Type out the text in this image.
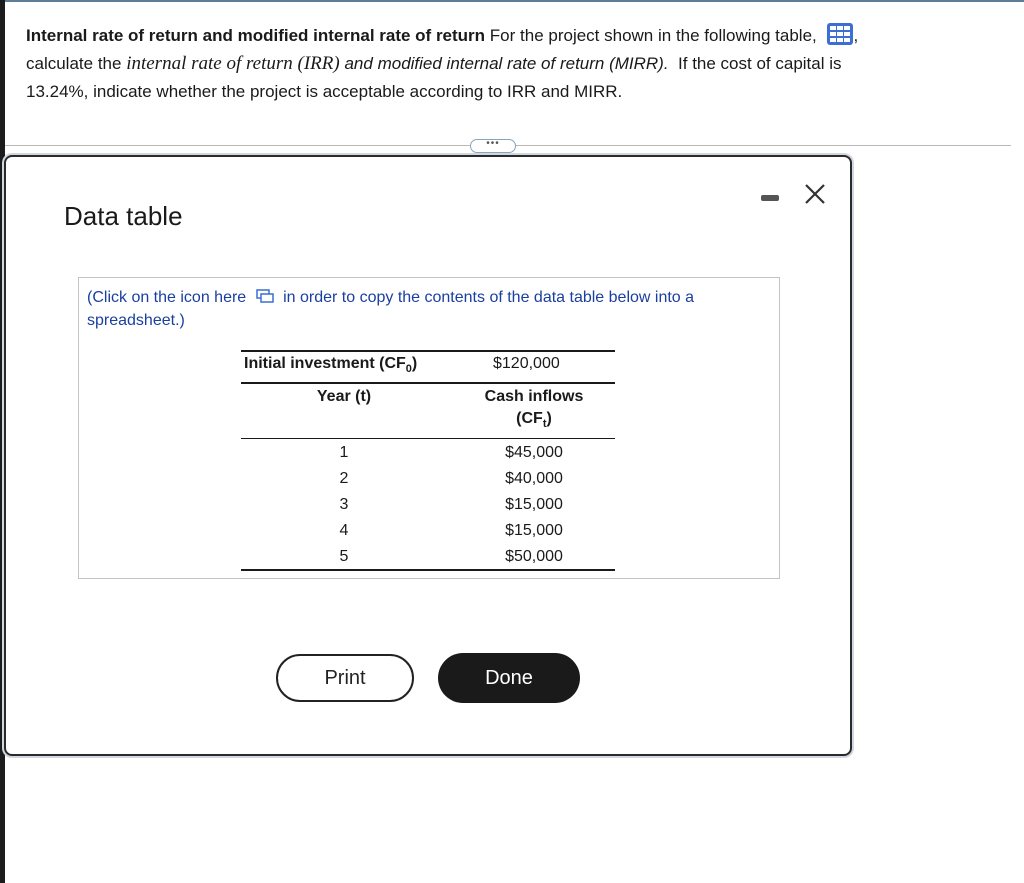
Internal rate of return and modified internal rate of return For the project shown in the following table, ,
calculate the internal rate of return (IRR) and modified internal rate of return (MIRR). If the cost of capital is
13.24%, indicate whether the project is acceptable according to IRR and MIRR.
•••
Data table
(Click on the icon here in order to copy the contents of the data table below into a spreadsheet.)
Initial investment $(CF_0)$	$120,000
Year (t)	Cash inflows
$(CF_t)$
1	$45,000
2	$40,000
3	$15,000
4	$15,000
5	$50,000
Print	Done
